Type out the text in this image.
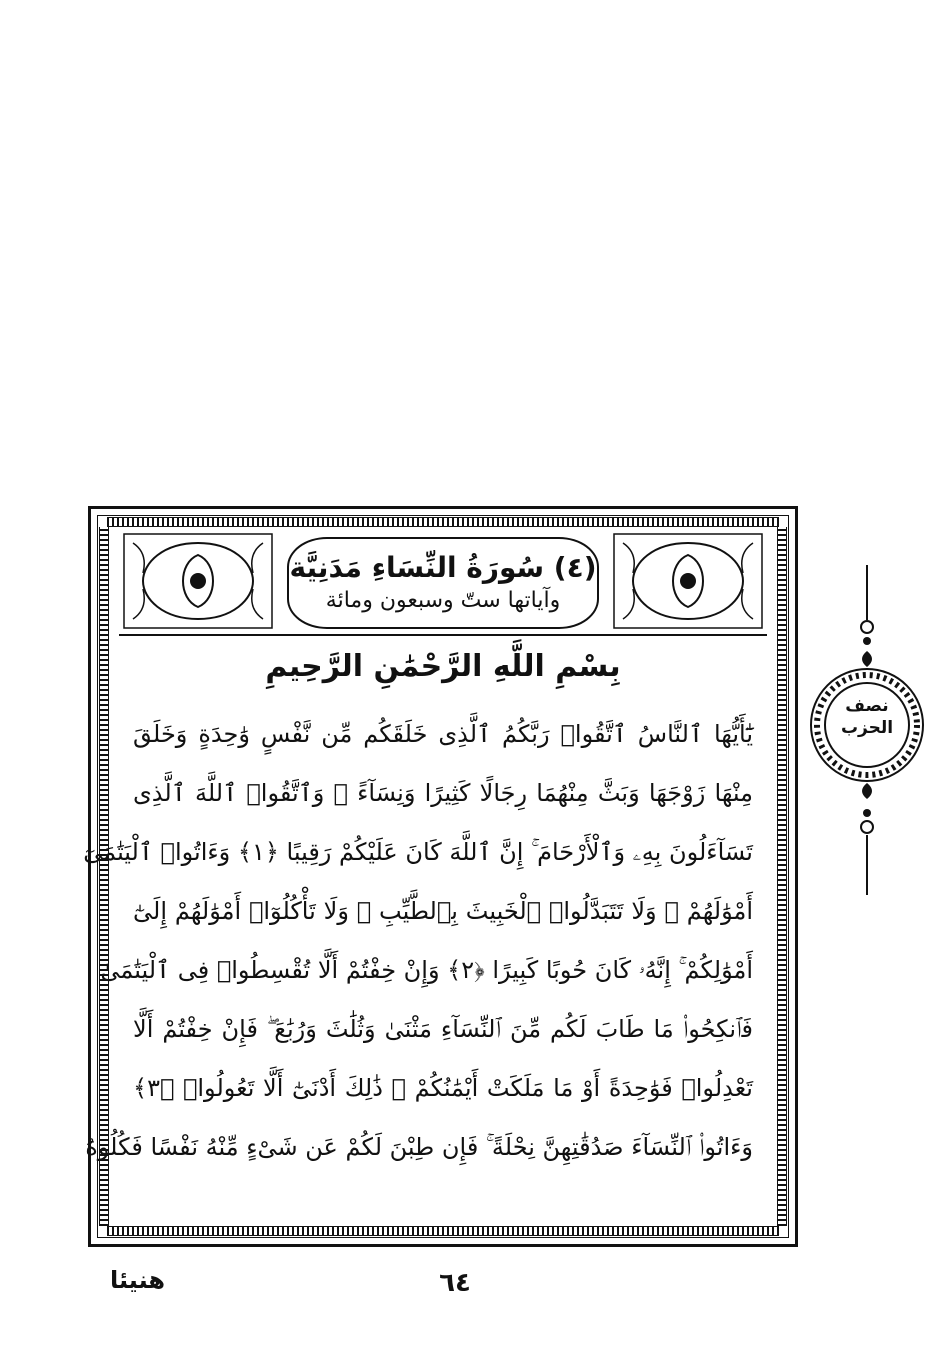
نصف
الحزب
(٤) سُورَةُ النِّسَاءِ مَدَنِيَّة
وآياتها ستّ وسبعون ومائة
بِسْمِ اللَّهِ الرَّحْمَٰنِ الرَّحِيمِ
يَٰٓأَيُّهَا ٱلنَّاسُ ٱتَّقُوا۟ رَبَّكُمُ ٱلَّذِى خَلَقَكُم مِّن نَّفْسٍ وَٰحِدَةٍ وَخَلَقَ
مِنْهَا زَوْجَهَا وَبَثَّ مِنْهُمَا رِجَالًا كَثِيرًا وَنِسَآءً ۚ وَٱتَّقُوا۟ ٱللَّهَ ٱلَّذِى
تَسَآءَلُونَ بِهِۦ وَٱلْأَرْحَامَ ۚ إِنَّ ٱللَّهَ كَانَ عَلَيْكُمْ رَقِيبًا ﴿١﴾ وَءَاتُوا۟ ٱلْيَتَٰمَىٰٓ
أَمْوَٰلَهُمْ ۖ وَلَا تَتَبَدَّلُوا۟ ٱلْخَبِيثَ بِٱلطَّيِّبِ ۖ وَلَا تَأْكُلُوٓا۟ أَمْوَٰلَهُمْ إِلَىٰٓ
أَمْوَٰلِكُمْ ۚ إِنَّهُۥ كَانَ حُوبًا كَبِيرًا ﴿٢﴾ وَإِنْ خِفْتُمْ أَلَّا تُقْسِطُوا۟ فِى ٱلْيَتَٰمَىٰ
فَٱنكِحُوا۟ مَا طَابَ لَكُم مِّنَ ٱلنِّسَآءِ مَثْنَىٰ وَثُلَٰثَ وَرُبَٰعَ ۖ فَإِنْ خِفْتُمْ أَلَّا
تَعْدِلُوا۟ فَوَٰحِدَةً أَوْ مَا مَلَكَتْ أَيْمَٰنُكُمْ ۚ ذَٰلِكَ أَدْنَىٰٓ أَلَّا تَعُولُوا۟ ﴿٣﴾
وَءَاتُوا۟ ٱلنِّسَآءَ صَدُقَٰتِهِنَّ نِحْلَةً ۚ فَإِن طِبْنَ لَكُمْ عَن شَىْءٍ مِّنْهُ نَفْسًا فَكُلُوهُ
هنيئا	٦٤
